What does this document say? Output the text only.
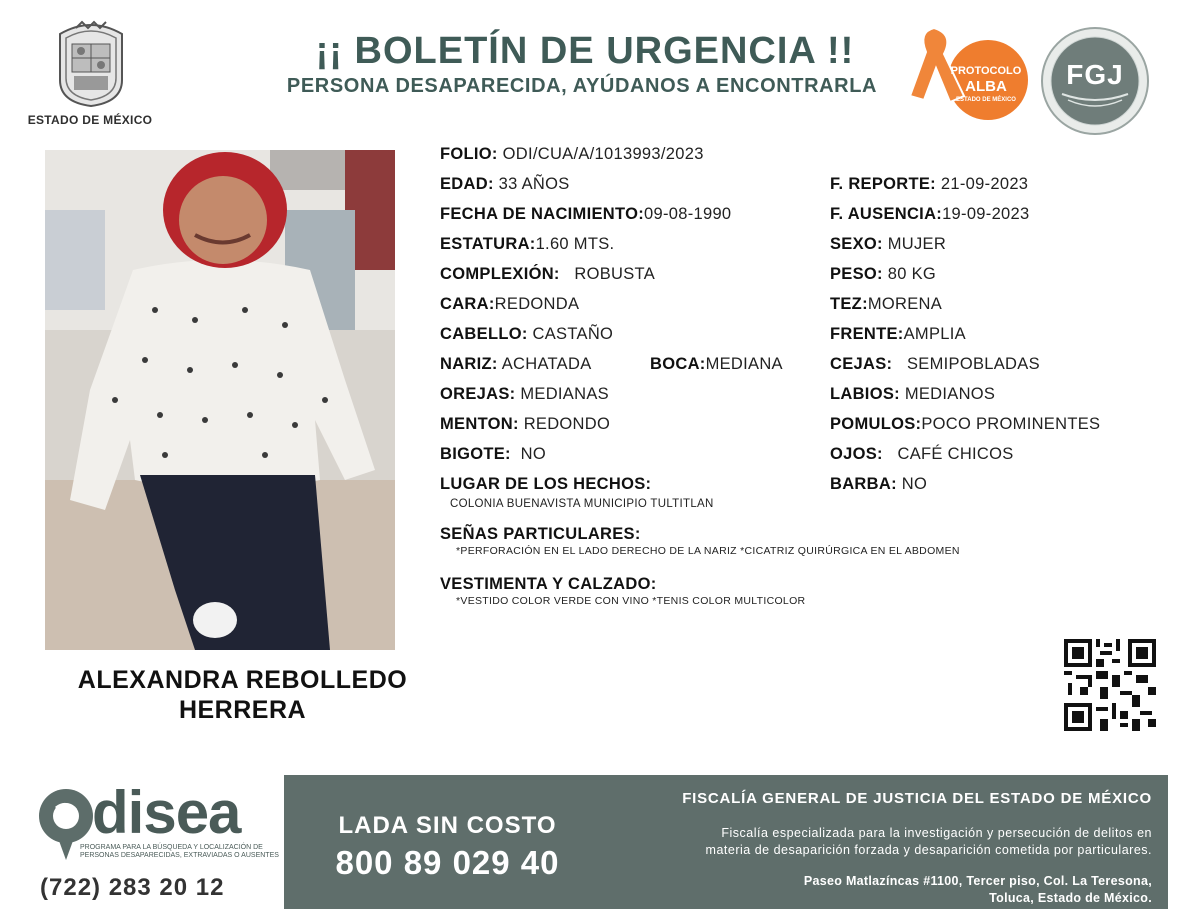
ESTADO DE MÉXICO
¡¡ BOLETÍN DE URGENCIA !!
PERSONA DESAPARECIDA, AYÚDANOS A ENCONTRARLA
PROTOCOLO
ALBA
ESTADO DE MÉXICO
FGJ
ALEXANDRA REBOLLEDO
HERRERA
FOLIO: ODI/CUA/A/1013993/2023
EDAD: 33 AÑOS	F. REPORTE: 21-09-2023
FECHA DE NACIMIENTO:09-08-1990	F. AUSENCIA:19-09-2023
ESTATURA:1.60 MTS.	SEXO: MUJER
COMPLEXIÓN: ROBUSTA	PESO: 80 KG
CARA:REDONDA	TEZ:MORENA
CABELLO: CASTAÑO	FRENTE:AMPLIA
NARIZ: ACHATADA	BOCA:MEDIANA	CEJAS: SEMIPOBLADAS
OREJAS: MEDIANAS	LABIOS: MEDIANOS
MENTON: REDONDO	POMULOS:POCO PROMINENTES
BIGOTE: NO	OJOS: CAFÉ CHICOS
LUGAR DE LOS HECHOS:	BARBA: NO
COLONIA BUENAVISTA MUNICIPIO TULTITLAN
SEÑAS PARTICULARES:
*PERFORACIÓN EN EL LADO DERECHO DE LA NARIZ *CICATRIZ QUIRÚRGICA EN EL ABDOMEN
VESTIMENTA Y CALZADO:
*VESTIDO COLOR VERDE CON VINO *TENIS COLOR MULTICOLOR
disea
PROGRAMA PARA LA BÚSQUEDA Y LOCALIZACIÓN DE PERSONAS DESAPARECIDAS, EXTRAVIADAS O AUSENTES
(722) 283 20 12
LADA SIN COSTO
800 89 029 40
FISCALÍA GENERAL DE JUSTICIA DEL ESTADO DE MÉXICO
Fiscalía especializada para la investigación y persecución de delitos en
materia de desaparición forzada y desaparición cometida por particulares.
Paseo Matlazíncas #1100, Tercer piso, Col. La Teresona,
Toluca, Estado de México.
